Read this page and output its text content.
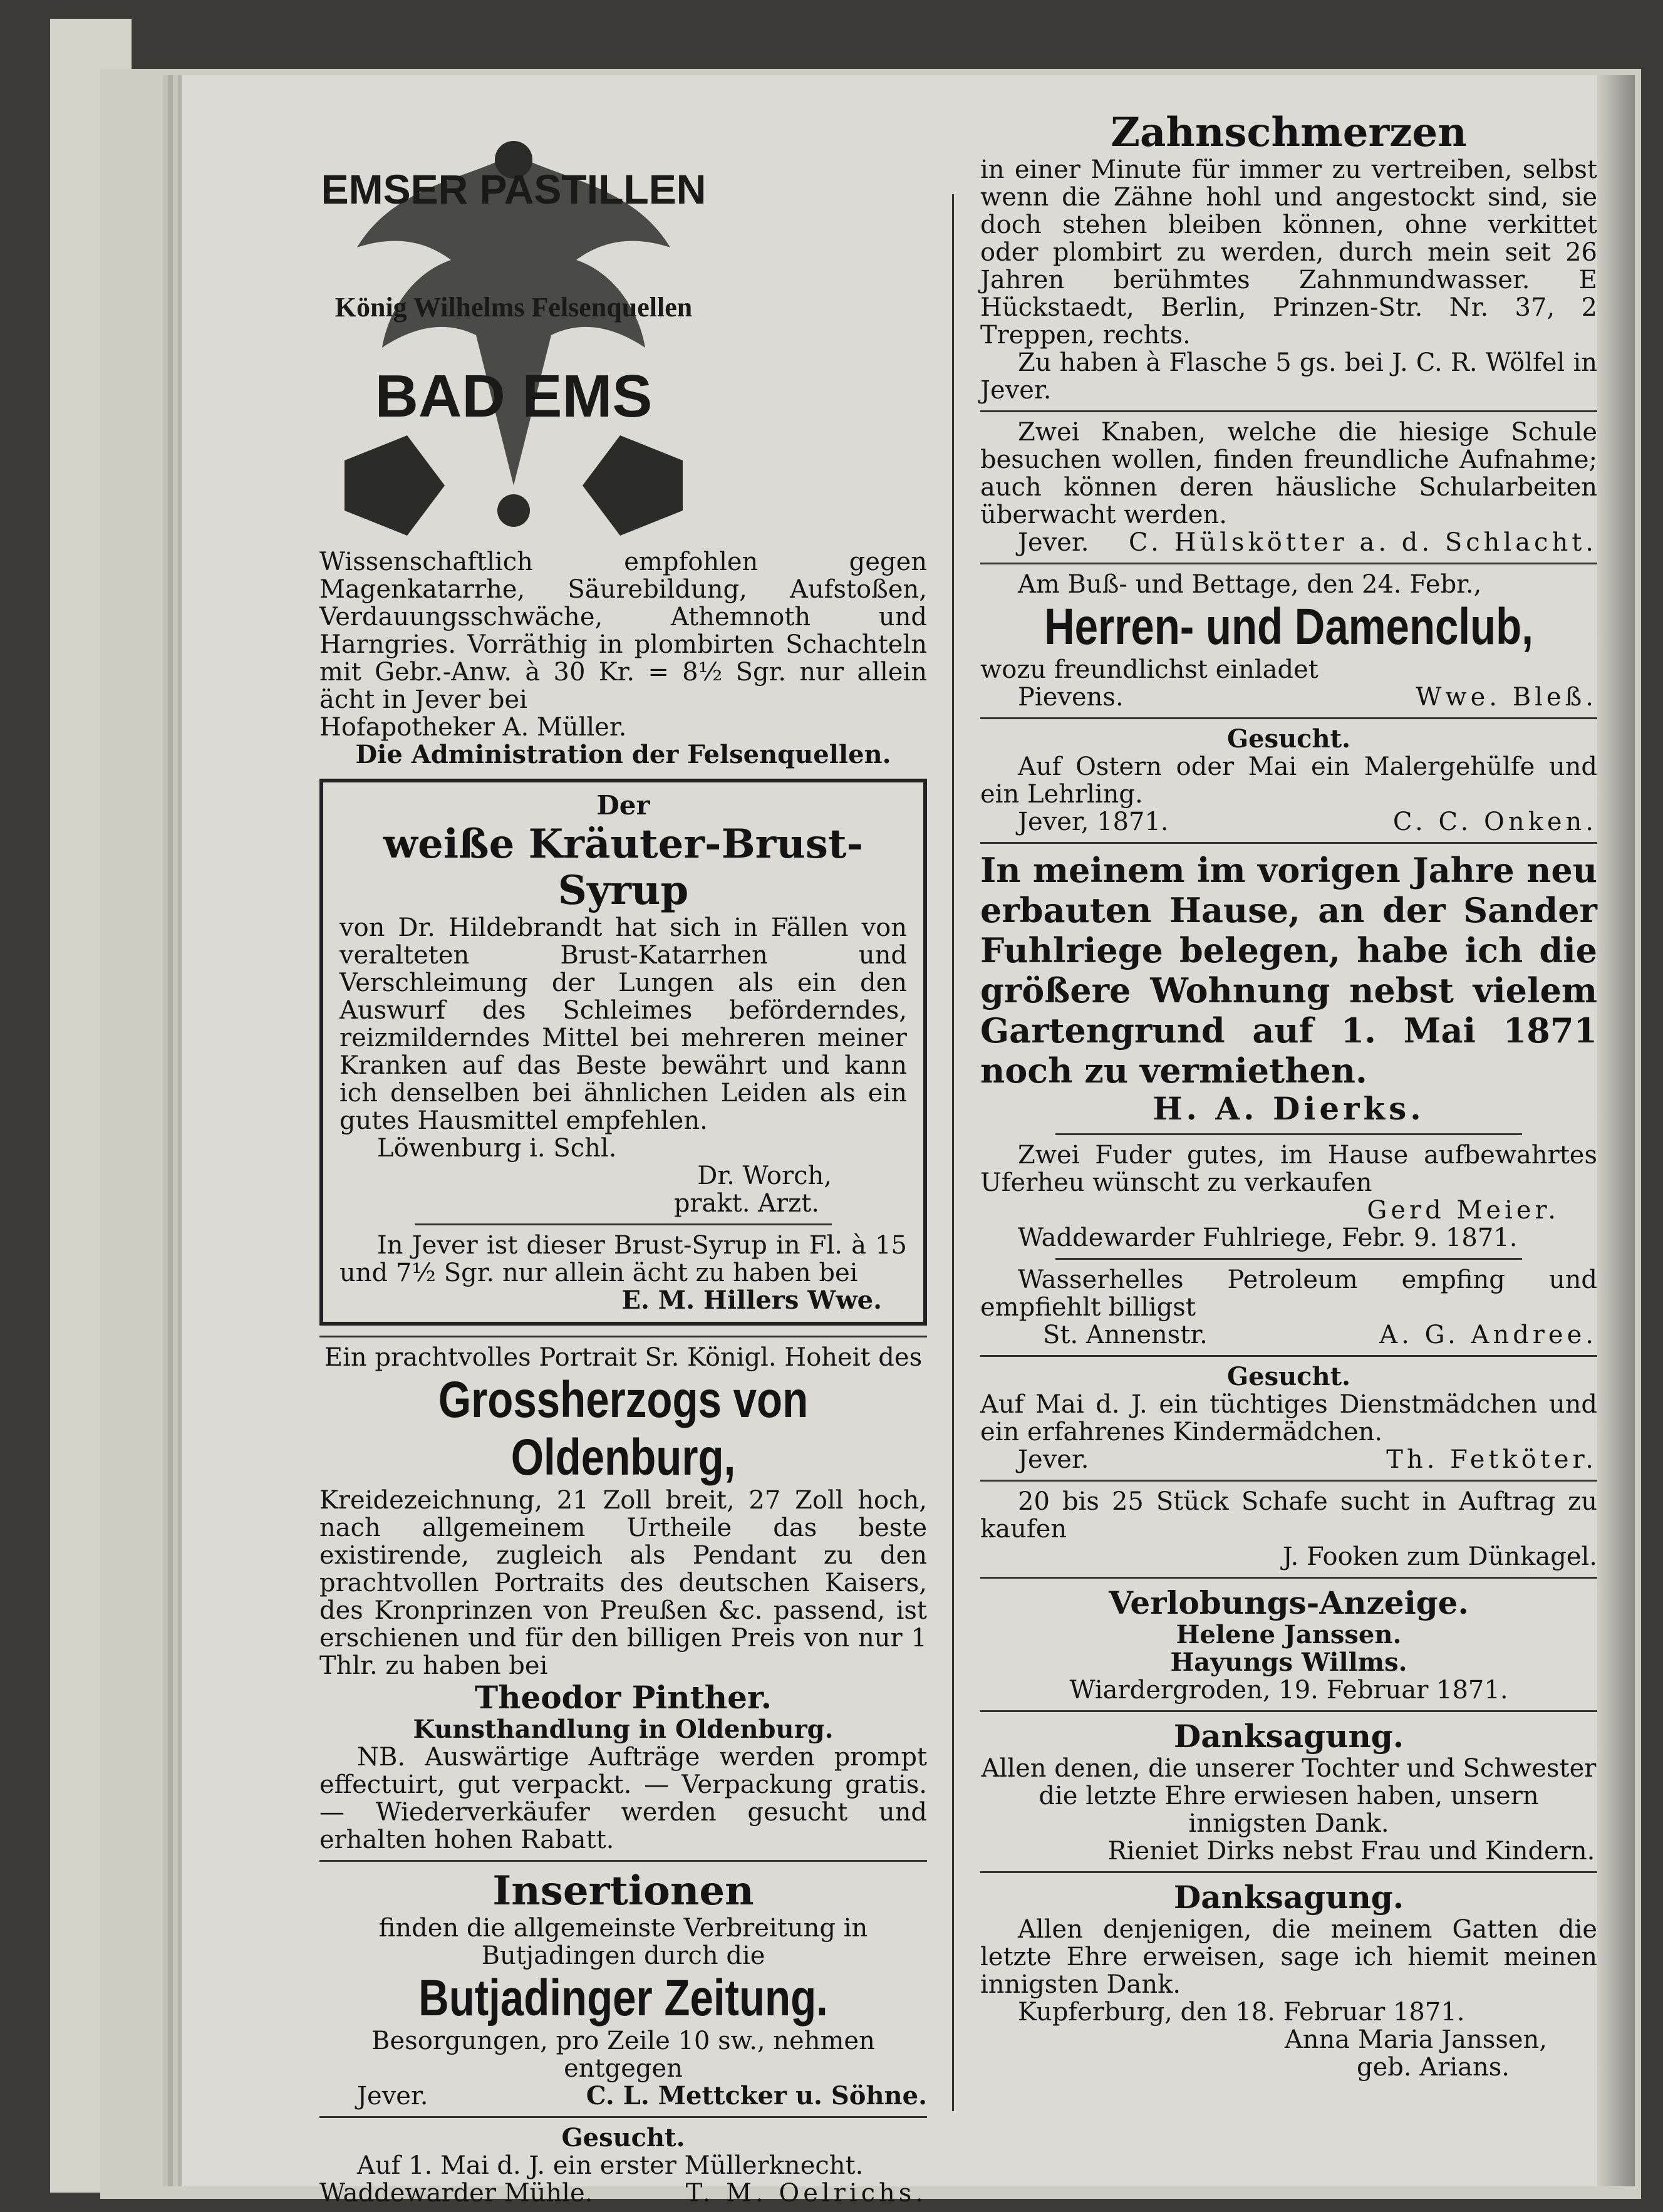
EMSER PASTILLEN
König Wilhelms Felsenquellen
BAD EMS
Wissenschaftlich empfohlen gegen Magenkatarrhe, Säurebildung, Aufstoßen, Verdauungsschwäche, Athemnoth und Harngries. Vorräthig in plombirten Schachteln mit Gebr.-Anw. à 30 Kr. = 8½ Sgr. nur allein ächt in Jever bei
Hofapotheker A. Müller.
Die Administration der Felsenquellen.
Der
weiße Kräuter-Brust-
Syrup
von Dr. Hildebrandt hat sich in Fällen von veralteten Brust-Katarrhen und Verschleimung der Lungen als ein den Auswurf des Schleimes beförderndes, reizmilderndes Mittel bei mehreren meiner Kranken auf das Beste bewährt und kann ich denselben bei ähnlichen Leiden als ein gutes Hausmittel empfehlen.
Löwenburg i. Schl.
Dr. Worch,
prakt. Arzt.
In Jever ist dieser Brust-Syrup in Fl. à 15 und 7½ Sgr. nur allein ächt zu haben bei
E. M. Hillers Wwe.
Ein prachtvolles Portrait Sr. Königl. Hoheit des
Grossherzogs von Oldenburg,
Kreidezeichnung, 21 Zoll breit, 27 Zoll hoch, nach allgemeinem Urtheile das beste existirende, zugleich als Pendant zu den prachtvollen Portraits des deutschen Kaisers, des Kronprinzen von Preußen &c. passend, ist erschienen und für den billigen Preis von nur 1 Thlr. zu haben bei
Theodor Pinther.
Kunsthandlung in Oldenburg.
NB. Auswärtige Aufträge werden prompt effectuirt, gut verpackt. — Verpackung gratis. — Wiederverkäufer werden gesucht und erhalten hohen Rabatt.
Insertionen
finden die allgemeinste Verbreitung in Butjadingen durch die
Butjadinger Zeitung.
Besorgungen, pro Zeile 10 sw., nehmen entgegen
Jever.	C. L. Mettcker u. Söhne.
Gesucht.
Auf 1. Mai d. J. ein erster Müllerknecht.
Waddewarder Mühle.	T. M. Oelrichs.
Zahnschmerzen
in einer Minute für immer zu vertreiben, selbst wenn die Zähne hohl und angestockt sind, sie doch stehen bleiben können, ohne verkittet oder plombirt zu werden, durch mein seit 26 Jahren berühmtes Zahnmundwasser. E Hückstaedt, Berlin, Prinzen-Str. Nr. 37, 2 Treppen, rechts.
Zu haben à Flasche 5 gs. bei J. C. R. Wölfel in Jever.
Zwei Knaben, welche die hiesige Schule besuchen wollen, finden freundliche Aufnahme; auch können deren häusliche Schularbeiten überwacht werden.
Jever. C. Hülskötter a. d. Schlacht.
Am Buß- und Bettage, den 24. Febr.,
Herren- und Damenclub,
wozu freundlichst einladet
Pievens.	Wwe. Bleß.
Gesucht.
Auf Ostern oder Mai ein Malergehülfe und ein Lehrling.
Jever, 1871.	C. C. Onken.
In meinem im vorigen Jahre neu erbauten Hause, an der Sander Fuhlriege belegen, habe ich die größere Wohnung nebst vielem Gartengrund auf 1. Mai 1871 noch zu vermiethen.
H. A. Dierks.
Zwei Fuder gutes, im Hause aufbewahrtes Uferheu wünscht zu verkaufen
Gerd Meier.
Waddewarder Fuhlriege, Febr. 9. 1871.
Wasserhelles Petroleum empfing und empfiehlt billigst
St. Annenstr.	A. G. Andree.
Gesucht.
Auf Mai d. J. ein tüchtiges Dienstmädchen und ein erfahrenes Kindermädchen.
Jever.	Th. Fetköter.
20 bis 25 Stück Schafe sucht in Auftrag zu kaufen
J. Fooken zum Dünkagel.
Verlobungs-Anzeige.
Helene Janssen.
Hayungs Willms.
Wiardergroden, 19. Februar 1871.
Danksagung.
Allen denen, die unserer Tochter und Schwester die letzte Ehre erwiesen haben, unsern innigsten Dank.
Rieniet Dirks nebst Frau und Kindern.
Danksagung.
Allen denjenigen, die meinem Gatten die letzte Ehre erweisen, sage ich hiemit meinen innigsten Dank.
Kupferburg, den 18. Februar 1871.
Anna Maria Janssen,
geb. Arians.
